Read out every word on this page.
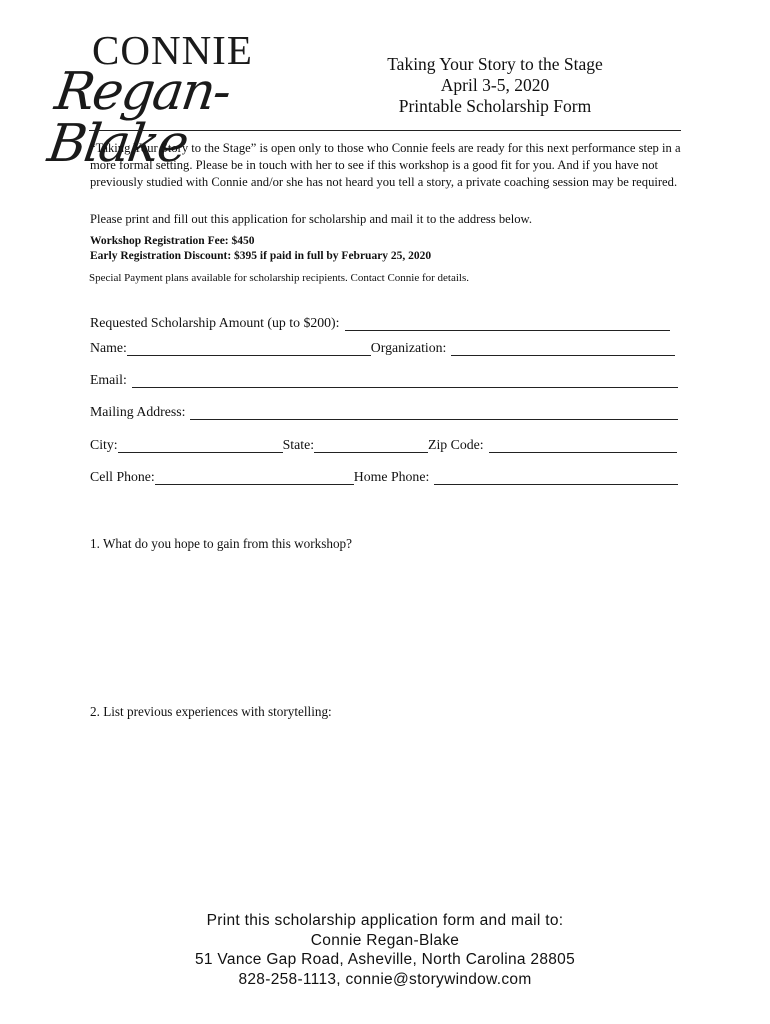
CONNIE
Regan-Blake
Taking Your Story to the Stage
April 3-5, 2020
Printable Scholarship Form
“Taking Your Story to the Stage” is open only to those who Connie feels are ready for this next performance step in a more formal setting. Please be in touch with her to see if this workshop is a good fit for you. And if you have not previously studied with Connie and/or she has not heard you tell a story, a private coaching session may be required.
Please print and fill out this application for scholarship and mail it to the address below.
Workshop Registration Fee: $450
Early Registration Discount: $395 if paid in full by February 25, 2020
Special Payment plans available for scholarship recipients. Contact Connie for details.
Requested Scholarship Amount (up to $200):
Name:	Organization:
Email:
Mailing Address:
City:	State:	Zip Code:
Cell Phone:	Home Phone:
1. What do you hope to gain from this workshop?
2. List previous experiences with storytelling:
Print this scholarship application form and mail to:
Connie Regan-Blake
51 Vance Gap Road, Asheville, North Carolina 28805
828-258-1113, connie@storywindow.com
